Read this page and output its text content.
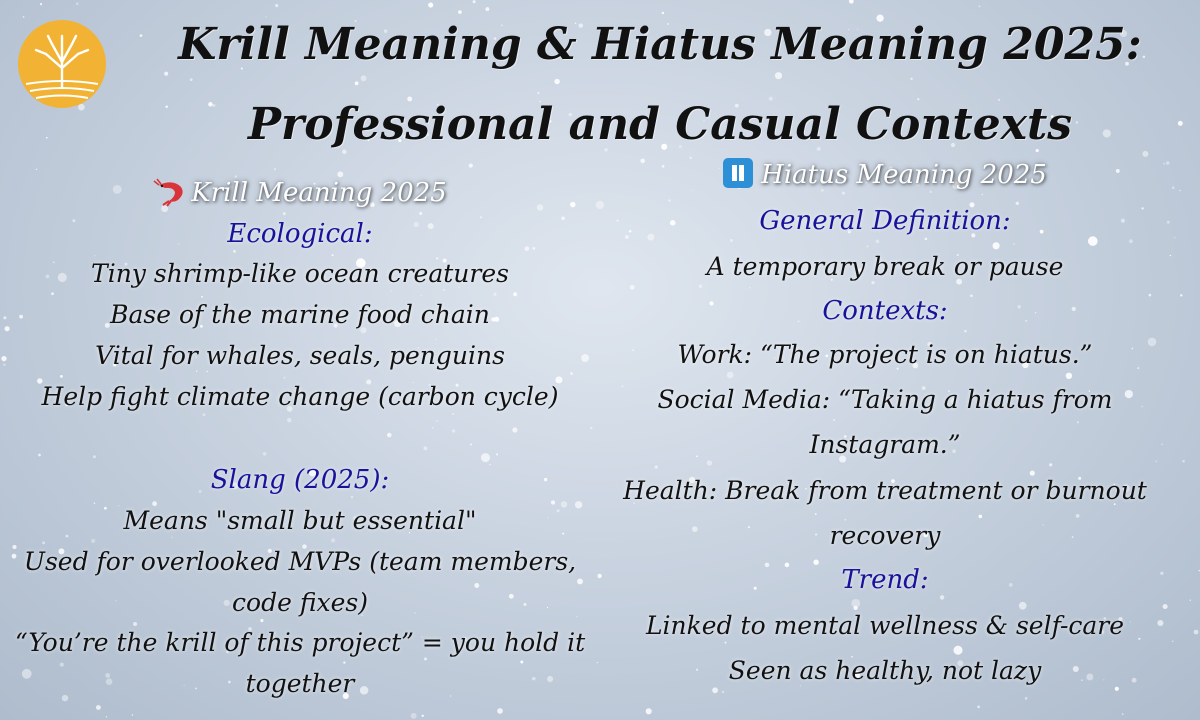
Krill Meaning & Hiatus Meaning 2025:
Professional and Casual Contexts
Krill Meaning 2025
Ecological:
Tiny shrimp-like ocean creatures
Base of the marine food chain
Vital for whales, seals, penguins
Help fight climate change (carbon cycle)
Slang (2025):
Means "small but essential"
Used for overlooked MVPs (team members,
code fixes)
“You’re the krill of this project” = you hold it
together
Hiatus Meaning 2025
General Definition:
A temporary break or pause
Contexts:
Work: “The project is on hiatus.”
Social Media: “Taking a hiatus from
Instagram.”
Health: Break from treatment or burnout
recovery
Trend:
Linked to mental wellness & self-care
Seen as healthy, not lazy
